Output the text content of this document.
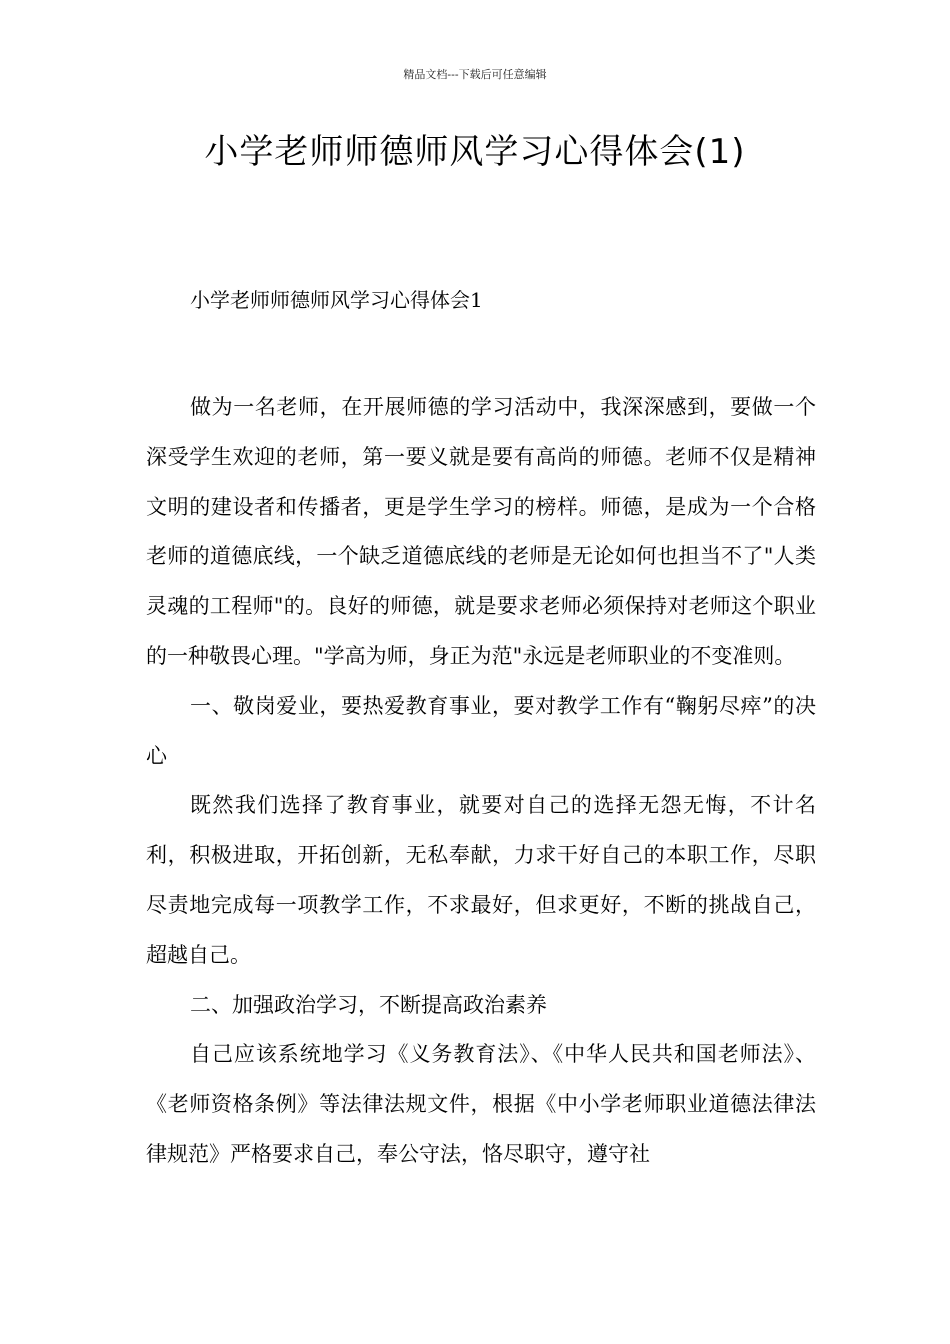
精品文档---下载后可任意编辑
小学老师师德师风学习心得体会(1)

小学老师师德师风学习心得体会1

做为一名老师，在开展师德的学习活动中，我深深感到，要做一个深受学生欢迎的老师，第一要义就是要有高尚的师德。老师不仅是精神文明的建设者和传播者，更是学生学习的榜样。师德，是成为一个合格老师的道德底线，一个缺乏道德底线的老师是无论如何也担当不了"人类灵魂的工程师"的。良好的师德，就是要求老师必须保持对老师这个职业的一种敬畏心理。"学高为师，身正为范"永远是老师职业的不变准则。

一、敬岗爱业，要热爱教育事业，要对教学工作有“鞠躬尽瘁”的决心

既然我们选择了教育事业，就要对自己的选择无怨无悔，不计名利，积极进取，开拓创新，无私奉献，力求干好自己的本职工作，尽职尽责地完成每一项教学工作，不求最好，但求更好，不断的挑战自己，超越自己。

二、加强政治学习，不断提高政治素养

自己应该系统地学习《义务教育法》、《中华人民共和国老师法》、《老师资格条例》等法律法规文件，根据《中小学老师职业道德法律法律规范》严格要求自己，奉公守法，恪尽职守，遵守社
